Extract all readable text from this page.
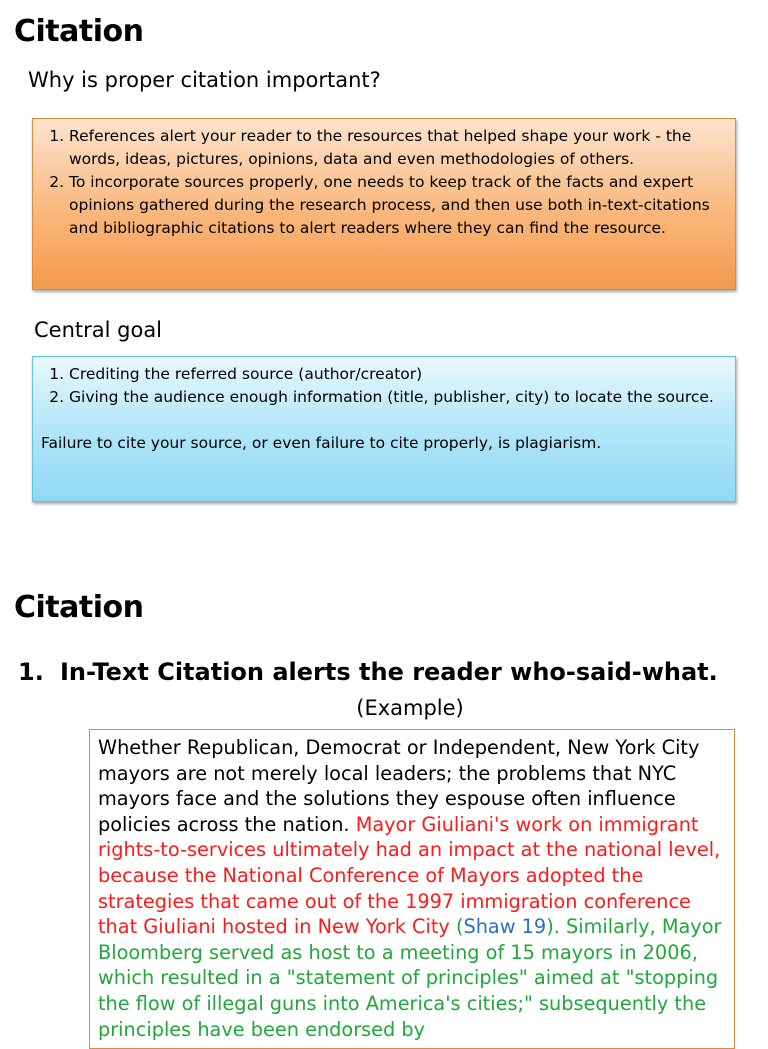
Citation
Why is proper citation important?
1. References alert your reader to the resources that helped shape your work - the words, ideas, pictures, opinions, data and even methodologies of others.
2. To incorporate sources properly, one needs to keep track of the facts and expert opinions gathered during the research process, and then use both in-text-citations and bibliographic citations to alert readers where they can find the resource.
Central goal
1. Crediting the referred source (author/creator)
2. Giving the audience enough information (title, publisher, city) to locate the source.
Failure to cite your source, or even failure to cite properly, is plagiarism.
Citation
1. In-Text Citation alerts the reader who-said-what.
(Example)
Whether Republican, Democrat or Independent, New York City mayors are not merely local leaders; the problems that NYC mayors face and the solutions they espouse often influence policies across the nation. Mayor Giuliani's work on immigrant rights-to-services ultimately had an impact at the national level, because the National Conference of Mayors adopted the strategies that came out of the 1997 immigration conference that Giuliani hosted in New York City (Shaw 19). Similarly, Mayor Bloomberg served as host to a meeting of 15 mayors in 2006, which resulted in a "statement of principles" aimed at "stopping the flow of illegal guns into America's cities;" subsequently the principles have been endorsed by
